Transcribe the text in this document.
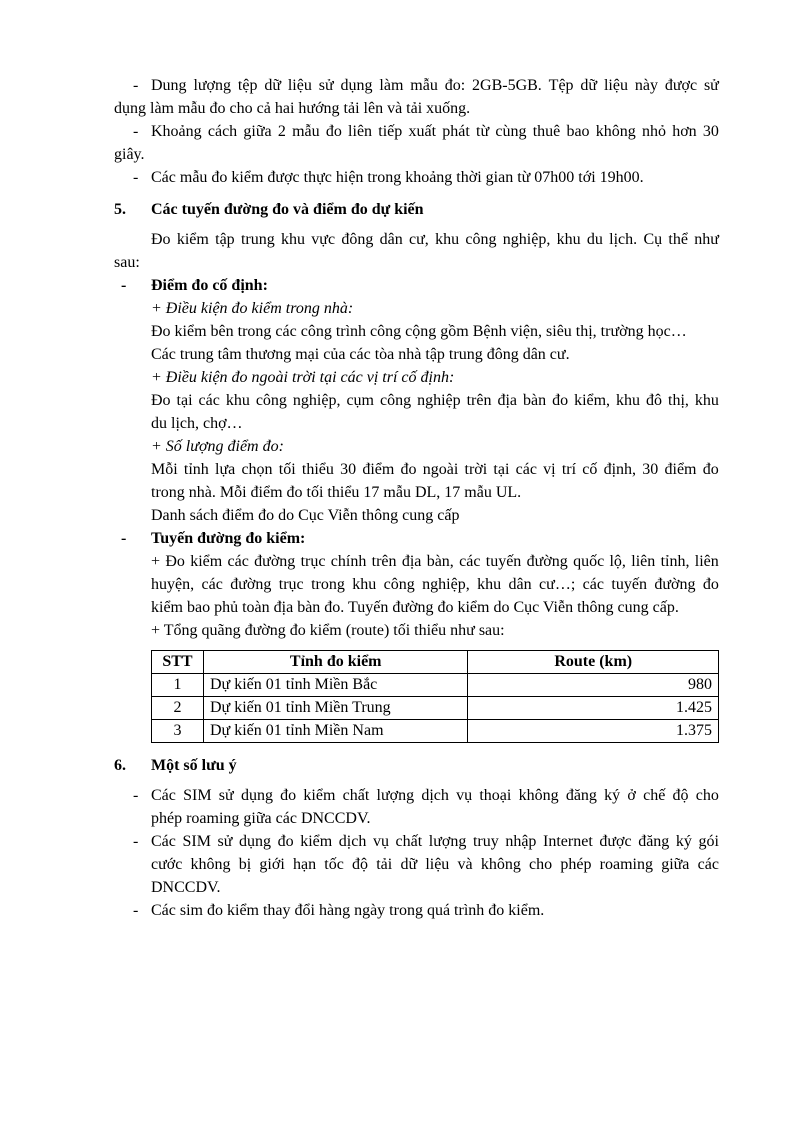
- Dung lượng tệp dữ liệu sử dụng làm mẫu đo: 2GB-5GB. Tệp dữ liệu này được sử
dụng làm mẫu đo cho cả hai hướng tải lên và tải xuống.
- Khoảng cách giữa 2 mẫu đo liên tiếp xuất phát từ cùng thuê bao không nhỏ hơn 30
giây.
- Các mẫu đo kiểm được thực hiện trong khoảng thời gian từ 07h00 tới 19h00.
5. Các tuyến đường đo và điểm đo dự kiến
Đo kiểm tập trung khu vực đông dân cư, khu công nghiệp, khu du lịch. Cụ thể như
sau:
- Điểm đo cố định:
+ Điều kiện đo kiểm trong nhà:
Đo kiểm bên trong các công trình công cộng gồm Bệnh viện, siêu thị, trường học…
Các trung tâm thương mại của các tòa nhà tập trung đông dân cư.
+ Điều kiện đo ngoài trời tại các vị trí cố định:
Đo tại các khu công nghiệp, cụm công nghiệp trên địa bàn đo kiểm, khu đô thị, khu
du lịch, chợ…
+ Số lượng điểm đo:
Mỗi tỉnh lựa chọn tối thiểu 30 điểm đo ngoài trời tại các vị trí cố định, 30 điểm đo
trong nhà. Mỗi điểm đo tối thiểu 17 mẫu DL, 17 mẫu UL.
Danh sách điểm đo do Cục Viễn thông cung cấp
- Tuyến đường đo kiểm:
+ Đo kiểm các đường trục chính trên địa bàn, các tuyến đường quốc lộ, liên tỉnh, liên
huyện, các đường trục trong khu công nghiệp, khu dân cư…; các tuyến đường đo
kiểm bao phủ toàn địa bàn đo. Tuyến đường đo kiểm do Cục Viễn thông cung cấp.
+ Tổng quãng đường đo kiểm (route) tối thiểu như sau:
STT	Tỉnh đo kiểm	Route (km)
1	Dự kiến 01 tỉnh Miền Bắc	980
2	Dự kiến 01 tỉnh Miền Trung	1.425
3	Dự kiến 01 tỉnh Miền Nam	1.375
6. Một số lưu ý
- Các SIM sử dụng đo kiểm chất lượng dịch vụ thoại không đăng ký ở chế độ cho
phép roaming giữa các DNCCDV.
- Các SIM sử dụng đo kiểm dịch vụ chất lượng truy nhập Internet được đăng ký gói
cước không bị giới hạn tốc độ tải dữ liệu và không cho phép roaming giữa các
DNCCDV.
- Các sim đo kiểm thay đổi hàng ngày trong quá trình đo kiểm.
